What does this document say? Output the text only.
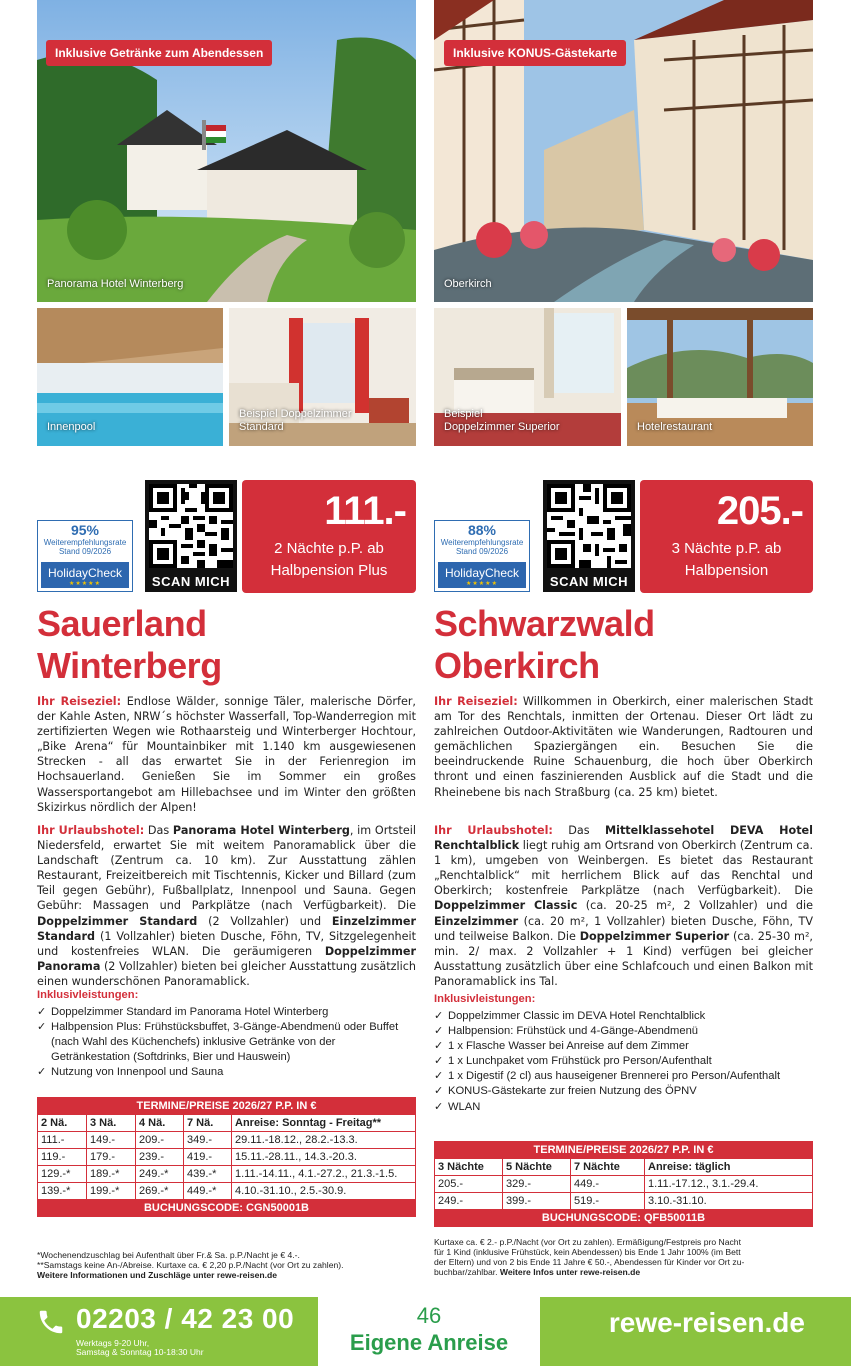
Panorama Hotel Winterberg
Inklusive Getränke zum Abendessen
Innenpool
Beispiel Doppelzimmer
Standard
95%
Weiterempfehlungsrate
Stand 09/2026
HolidayCheck
★★★★★	SCAN MICH
111.-
2 Nächte p.P. ab
Halbpension Plus
Sauerland
Winterberg
Ihr Reiseziel: Endlose Wälder, sonnige Täler, malerische Dörfer, der Kahle Asten, NRW´s höchster Wasserfall, Top-Wanderregion mit zertifizierten Wegen wie Rothaarsteig und Winterberger Hochtour, „Bike Arena“ für Mountainbiker mit 1.140 km ausgewiesenen Strecken - all das erwartet Sie in der Ferienregion im Hochsauerland. Genießen Sie im Sommer ein großes Wassersportangebot am Hillebachsee und im Winter den größten Skizirkus nördlich der Alpen!
Ihr Urlaubshotel: Das Panorama Hotel Winterberg, im Ortsteil Niedersfeld, erwartet Sie mit weitem Panoramablick über die Landschaft (Zentrum ca. 10 km). Zur Ausstattung zählen Restaurant, Freizeitbereich mit Tischtennis, Kicker und Billard (zum Teil gegen Gebühr), Fußballplatz, Innenpool und Sauna. Gegen Gebühr: Massagen und Parkplätze (nach Verfügbarkeit). Die Doppelzimmer Standard (2 Vollzahler) und Einzelzimmer Standard (1 Vollzahler) bieten Dusche, Föhn, TV, Sitzgelegenheit und kostenfreies WLAN. Die geräumigeren Doppelzimmer Panorama (2 Vollzahler) bieten bei gleicher Ausstattung zusätzlich einen wunderschönen Panoramablick.
Inklusivleistungen:
✓ Doppelzimmer Standard im Panorama Hotel Winterberg
✓ Halbpension Plus: Frühstücksbuffet, 3-Gänge-Abendmenü oder Buffet (nach Wahl des Küchenchefs) inklusive Getränke von der Getränkestation (Softdrinks, Bier und Hauswein)
✓ Nutzung von Innenpool und Sauna
TERMINE/PREISE 2026/27 P.P. IN €				
2 Nä.	3 Nä.	4 Nä.	7 Nä.	Anreise: Sonntag - Freitag**
111.-	149.-	209.-	349.-	29.11.-18.12., 28.2.-13.3.
119.-	179.-	239.-	419.-	15.11.-28.11., 14.3.-20.3.
129.-*	189.-*	249.-*	439.-*	1.11.-14.11., 4.1.-27.2., 21.3.-1.5.
139.-*	199.-*	269.-*	449.-*	4.10.-31.10., 2.5.-30.9.
BUCHUNGSCODE: CGN50001B				
*Wochenendzuschlag bei Aufenthalt über Fr.& Sa. p.P./Nacht je € 4.-.
**Samstags keine An-/Abreise. Kurtaxe ca. € 2,20 p.P./Nacht (vor Ort zu zahlen).
Weitere Informationen und Zuschläge unter rewe-reisen.de
Oberkirch
Inklusive KONUS-Gästekarte
Beispiel
Doppelzimmer Superior	Hotelrestaurant
88%
Weiterempfehlungsrate
Stand 09/2026
HolidayCheck
★★★★★	SCAN MICH
205.-
3 Nächte p.P. ab
Halbpension
Schwarzwald
Oberkirch
Ihr Reiseziel: Willkommen in Oberkirch, einer malerischen Stadt am Tor des Renchtals, inmitten der Ortenau. Dieser Ort lädt zu zahlreichen Outdoor-Aktivitäten wie Wanderungen, Radtouren und gemächlichen Spaziergängen ein. Besuchen Sie die beeindruckende Ruine Schauenburg, die hoch über Oberkirch thront und einen faszinierenden Ausblick auf die Stadt und die Rheinebene bis nach Straßburg (ca. 25 km) bietet.
Ihr Urlaubshotel: Das Mittelklassehotel DEVA Hotel Renchtalblick liegt ruhig am Ortsrand von Oberkirch (Zentrum ca. 1 km), umgeben von Weinbergen. Es bietet das Restaurant „Renchtalblick“ mit herrlichem Blick auf das Renchtal und Oberkirch; kostenfreie Parkplätze (nach Verfügbarkeit). Die Doppelzimmer Classic (ca. 20-25 m², 2 Vollzahler) und die Einzelzimmer (ca. 20 m², 1 Vollzahler) bieten Dusche, Föhn, TV und teilweise Balkon. Die Doppelzimmer Superior (ca. 25-30 m², min. 2/ max. 2 Vollzahler + 1 Kind) verfügen bei gleicher Ausstattung zusätzlich über eine Schlafcouch und einen Balkon mit Panoramablick ins Tal.
Inklusivleistungen:
✓ Doppelzimmer Classic im DEVA Hotel Renchtalblick
✓ Halbpension: Frühstück und 4-Gänge-Abendmenü
✓ 1 x Flasche Wasser bei Anreise auf dem Zimmer
✓ 1 x Lunchpaket vom Frühstück pro Person/Aufenthalt
✓ 1 x Digestif (2 cl) aus hauseigener Brennerei pro Person/Aufenthalt
✓ KONUS-Gästekarte zur freien Nutzung des ÖPNV
✓ WLAN
TERMINE/PREISE 2026/27 P.P. IN €			
3 Nächte	5 Nächte	7 Nächte	Anreise: täglich
205.-	329.-	449.-	1.11.-17.12., 3.1.-29.4.
249.-	399.-	519.-	3.10.-31.10.
BUCHUNGSCODE: QFB50011B			
Kurtaxe ca. € 2.- p.P./Nacht (vor Ort zu zahlen). Ermäßigung/Festpreis pro Nacht
für 1 Kind (inklusive Frühstück, kein Abendessen) bis Ende 1 Jahr 100% (im Bett
der Eltern) und von 2 bis Ende 11 Jahre € 50.-, Abendessen für Kinder vor Ort zu-
buchbar/zahlbar. Weitere Infos unter rewe-reisen.de
02203 / 42 23 00
Werktags 9-20 Uhr,
Samstag & Sonntag 10-18:30 Uhr
46
Eigene Anreise
rewe-reisen.de
